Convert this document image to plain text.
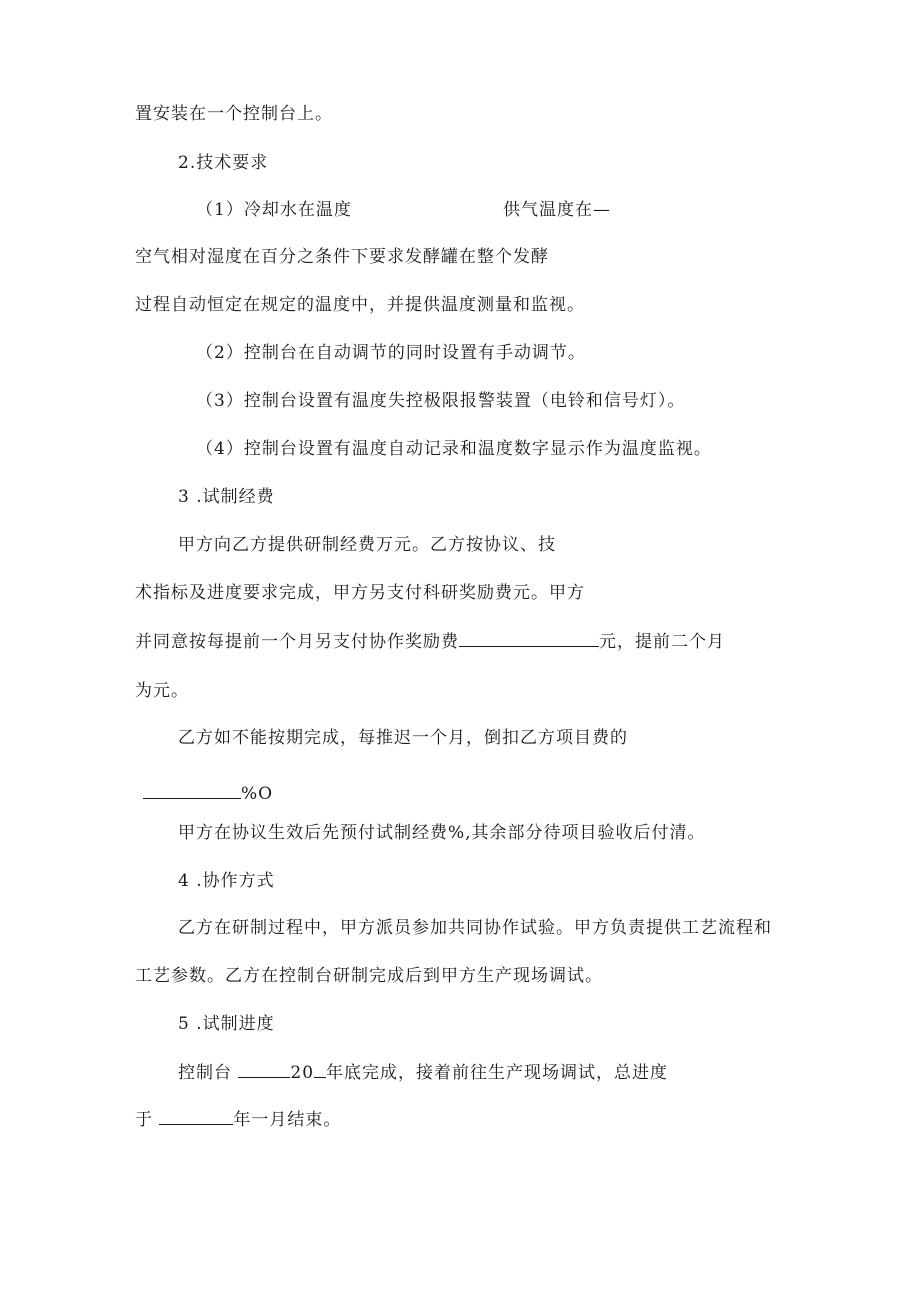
置安装在一个控制台上。
2.技术要求
（1）冷却水在温度	供气温度在—
空气相对湿度在百分之条件下要求发酵罐在整个发酵
过程自动恒定在规定的温度中，并提供温度测量和监视。
（2）控制台在自动调节的同时设置有手动调节。
（3）控制台设置有温度失控极限报警装置（电铃和信号灯）。
（4）控制台设置有温度自动记录和温度数字显示作为温度监视。
3 .试制经费
甲方向乙方提供研制经费万元。乙方按协议、技
术指标及进度要求完成，甲方另支付科研奖励费元。甲方
并同意按每提前一个月另支付协作奖励费	元，提前二个月
为元。
乙方如不能按期完成，每推迟一个月，倒扣乙方项目费的
%O
甲方在协议生效后先预付试制经费%,其余部分待项目验收后付清。
4 .协作方式
乙方在研制过程中，甲方派员参加共同协作试验。甲方负责提供工艺流程和
工艺参数。乙方在控制台研制完成后到甲方生产现场调试。
5 .试制进度
控制台	20 年底完成，接着前往生产现场调试，总进度
于	年一月结束。
